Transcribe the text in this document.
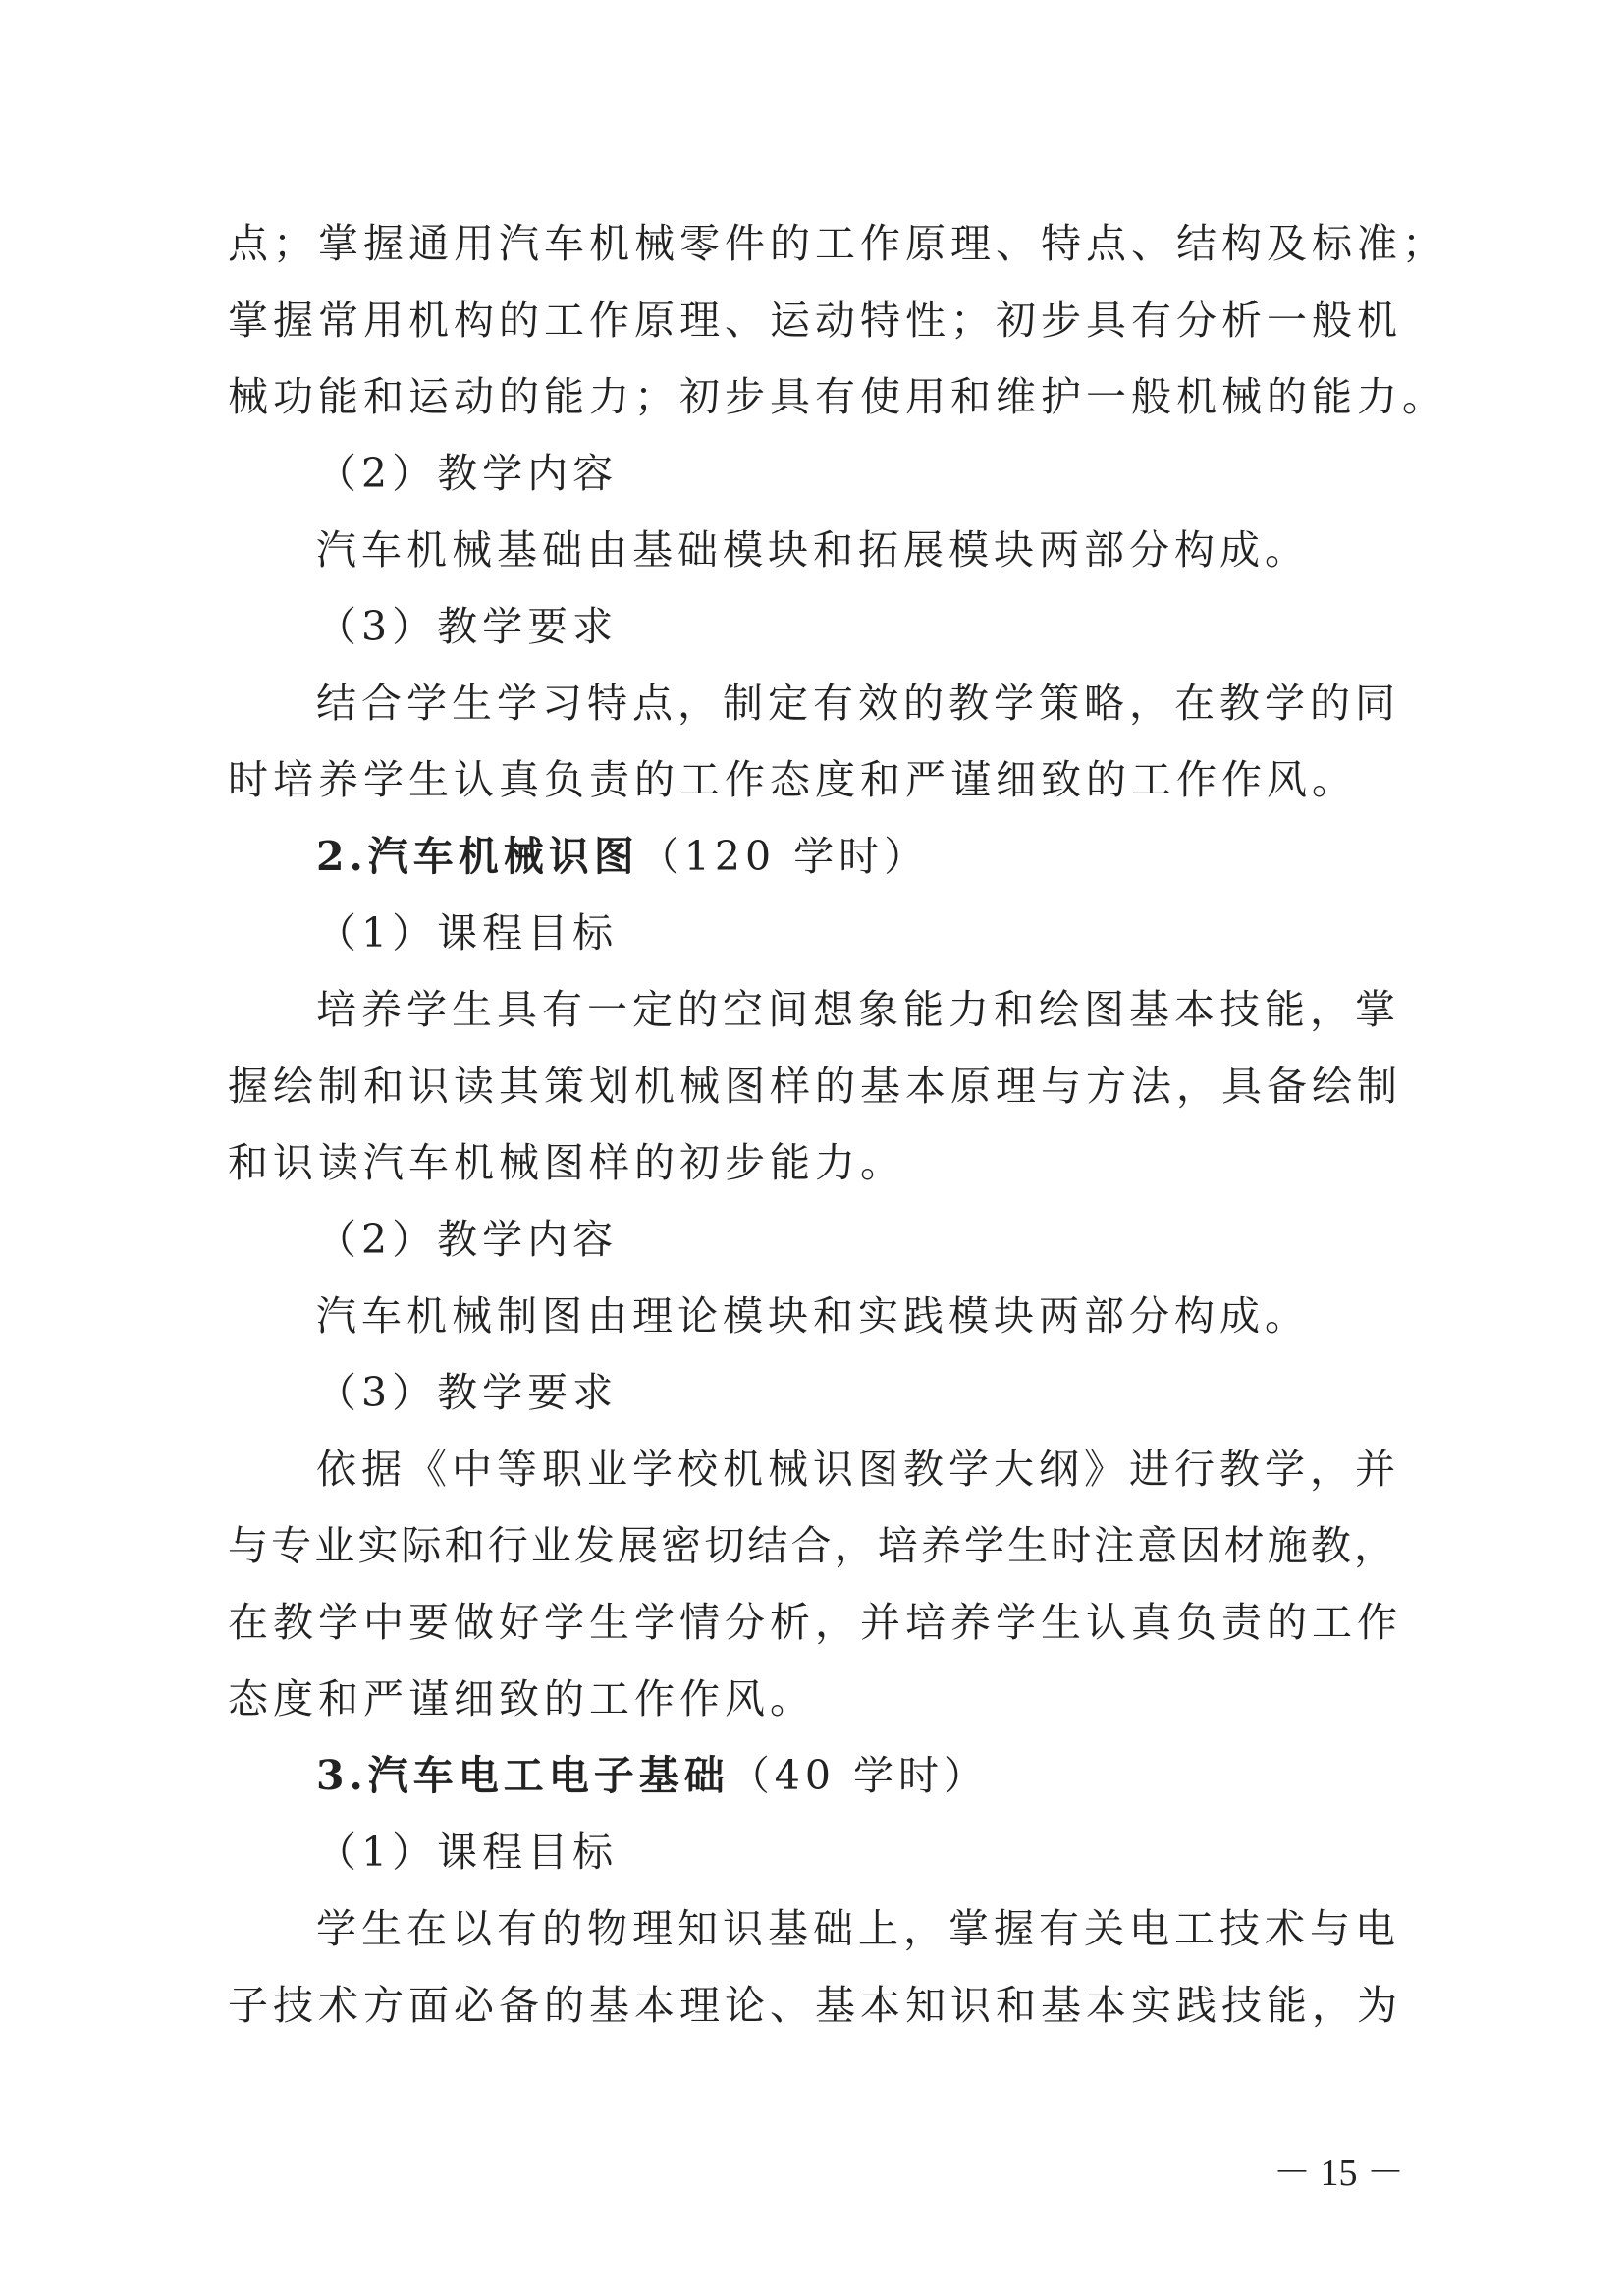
点；掌握通用汽车机械零件的工作原理、特点、结构及标准；
掌握常用机构的工作原理、运动特性；初步具有分析一般机
械功能和运动的能力；初步具有使用和维护一般机械的能力。
（2）教学内容
汽车机械基础由基础模块和拓展模块两部分构成。
（3）教学要求
结合学生学习特点，制定有效的教学策略，在教学的同
时培养学生认真负责的工作态度和严谨细致的工作作风。
2.汽车机械识图（120 学时）
（1）课程目标
培养学生具有一定的空间想象能力和绘图基本技能，掌
握绘制和识读其策划机械图样的基本原理与方法，具备绘制
和识读汽车机械图样的初步能力。
（2）教学内容
汽车机械制图由理论模块和实践模块两部分构成。
（3）教学要求
依据《中等职业学校机械识图教学大纲》进行教学，并
与专业实际和行业发展密切结合，培养学生时注意因材施教，
在教学中要做好学生学情分析，并培养学生认真负责的工作
态度和严谨细致的工作作风。
3.汽车电工电子基础（40 学时）
（1）课程目标
学生在以有的物理知识基础上，掌握有关电工技术与电
子技术方面必备的基本理论、基本知识和基本实践技能，为
－ 15 －
